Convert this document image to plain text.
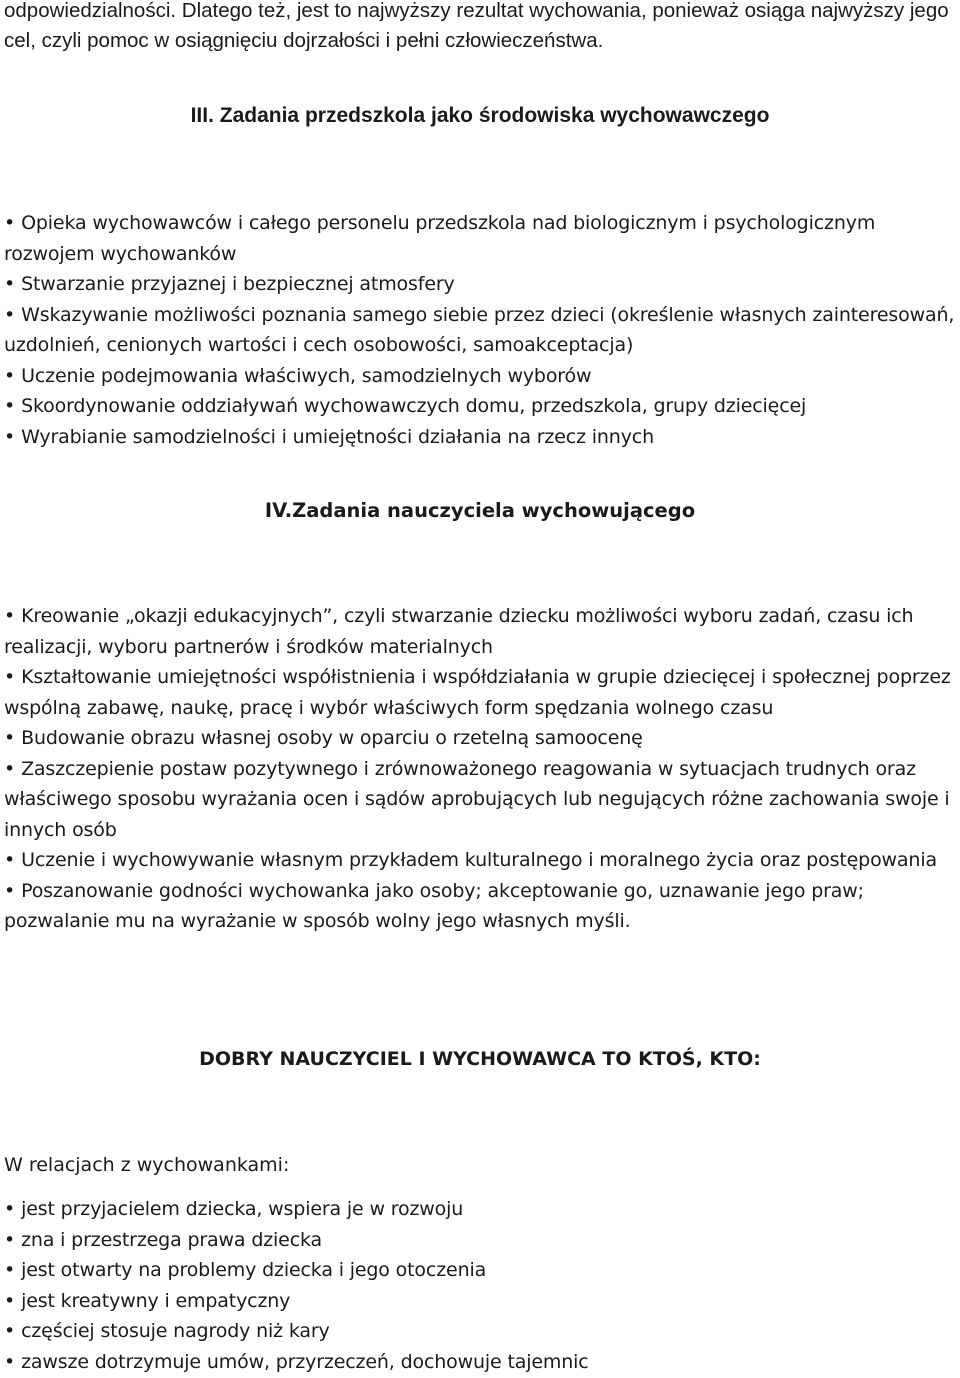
odpowiedzialności. Dlatego też, jest to najwyższy rezultat wychowania, ponieważ osiąga najwyższy jego cel, czyli pomoc w osiągnięciu dojrzałości i pełni człowieczeństwa.

III. Zadania przedszkola jako środowiska wychowawczego
• Opieka wychowawców i całego personelu przedszkola nad biologicznym i psychologicznym rozwojem wychowanków
• Stwarzanie przyjaznej i bezpiecznej atmosfery
• Wskazywanie możliwości poznania samego siebie przez dzieci (określenie własnych zainteresowań, uzdolnień, cenionych wartości i cech osobowości, samoakceptacja)
• Uczenie podejmowania właściwych, samodzielnych wyborów
• Skoordynowanie oddziaływań wychowawczych domu, przedszkola, grupy dziecięcej
• Wyrabianie samodzielności i umiejętności działania na rzecz innych
IV.Zadania nauczyciela wychowującego
• Kreowanie „okazji edukacyjnych”, czyli stwarzanie dziecku możliwości wyboru zadań, czasu ich realizacji, wyboru partnerów i środków materialnych
• Kształtowanie umiejętności współistnienia i współdziałania w grupie dziecięcej i społecznej poprzez wspólną zabawę, naukę, pracę i wybór właściwych form spędzania wolnego czasu
• Budowanie obrazu własnej osoby w oparciu o rzetelną samoocenę
• Zaszczepienie postaw pozytywnego i zrównoważonego reagowania w sytuacjach trudnych oraz właściwego sposobu wyrażania ocen i sądów aprobujących lub negujących różne zachowania swoje i innych osób
• Uczenie i wychowywanie własnym przykładem kulturalnego i moralnego życia oraz postępowania
• Poszanowanie godności wychowanka jako osoby; akceptowanie go, uznawanie jego praw; pozwalanie mu na wyrażanie w sposób wolny jego własnych myśli.
DOBRY NAUCZYCIEL I WYCHOWAWCA TO KTOŚ, KTO:

W relacjach z wychowankami:

• jest przyjacielem dziecka, wspiera je w rozwoju
• zna i przestrzega prawa dziecka
• jest otwarty na problemy dziecka i jego otoczenia
• jest kreatywny i empatyczny
• częściej stosuje nagrody niż kary
• zawsze dotrzymuje umów, przyrzeczeń, dochowuje tajemnic
